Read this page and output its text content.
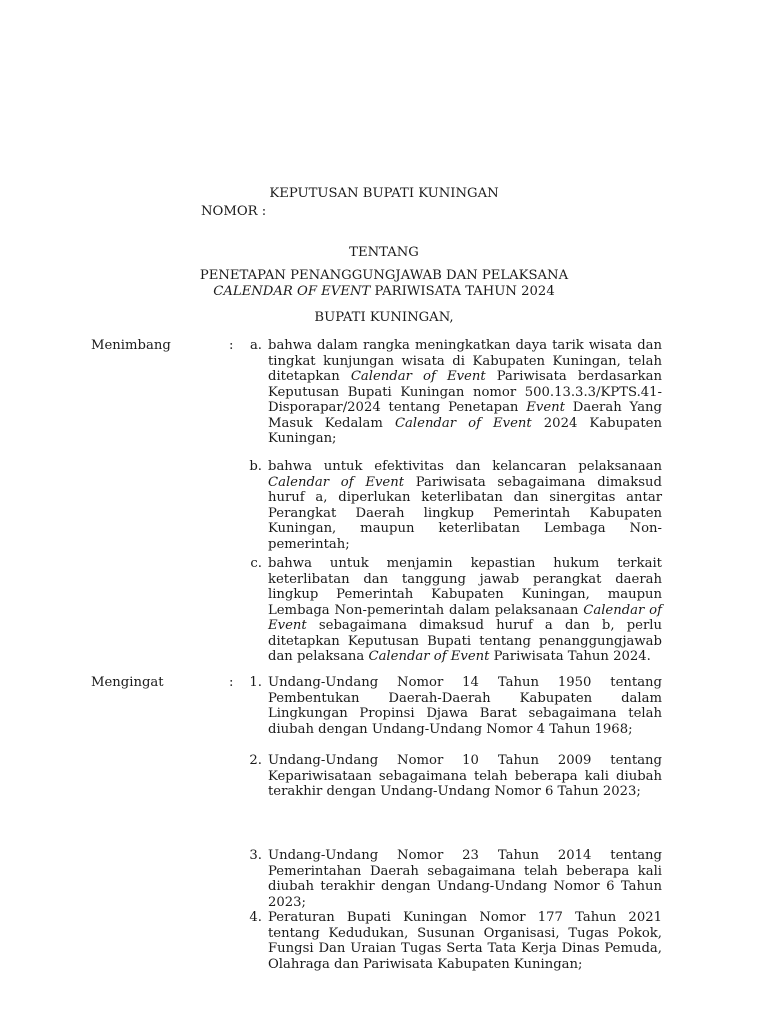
KEPUTUSAN BUPATI KUNINGAN
NOMOR :
TENTANG
PENETAPAN PENANGGUNGJAWAB DAN PELAKSANA
CALENDAR OF EVENT PARIWISATA TAHUN 2024
BUPATI KUNINGAN,
Menimbang	:	a. bahwa dalam rangka meningkatkan daya tarik wisata dan tingkat kunjungan wisata di Kabupaten Kuningan, telah ditetapkan Calendar of Event Pariwisata berdasarkan Keputusan Bupati Kuningan nomor 500.13.3.3/KPTS.41-Disporapar/2024 tentang Penetapan Event Daerah Yang Masuk Kedalam Calendar of Event 2024 Kabupaten Kuningan;
b. bahwa untuk efektivitas dan kelancaran pelaksanaan Calendar of Event Pariwisata sebagaimana dimaksud huruf a, diperlukan keterlibatan dan sinergitas antar Perangkat Daerah lingkup Pemerintah Kabupaten Kuningan, maupun keterlibatan Lembaga Non-pemerintah;
c. bahwa untuk menjamin kepastian hukum terkait keterlibatan dan tanggung jawab perangkat daerah lingkup Pemerintah Kabupaten Kuningan, maupun Lembaga Non-pemerintah dalam pelaksanaan Calendar of Event sebagaimana dimaksud huruf a dan b, perlu ditetapkan Keputusan Bupati tentang penanggungjawab dan pelaksana Calendar of Event Pariwisata Tahun 2024.
Mengingat	:	1. Undang-Undang Nomor 14 Tahun 1950 tentang Pembentukan Daerah-Daerah Kabupaten dalam Lingkungan Propinsi Djawa Barat sebagaimana telah diubah dengan Undang-Undang Nomor 4 Tahun 1968;
2. Undang-Undang Nomor 10 Tahun 2009 tentang Kepariwisataan sebagaimana telah beberapa kali diubah terakhir dengan Undang-Undang Nomor 6 Tahun 2023;
3. Undang-Undang Nomor 23 Tahun 2014 tentang Pemerintahan Daerah sebagaimana telah beberapa kali diubah terakhir dengan Undang-Undang Nomor 6 Tahun 2023;
4. Peraturan Bupati Kuningan Nomor 177 Tahun 2021 tentang Kedudukan, Susunan Organisasi, Tugas Pokok, Fungsi Dan Uraian Tugas Serta Tata Kerja Dinas Pemuda, Olahraga dan Pariwisata Kabupaten Kuningan;
